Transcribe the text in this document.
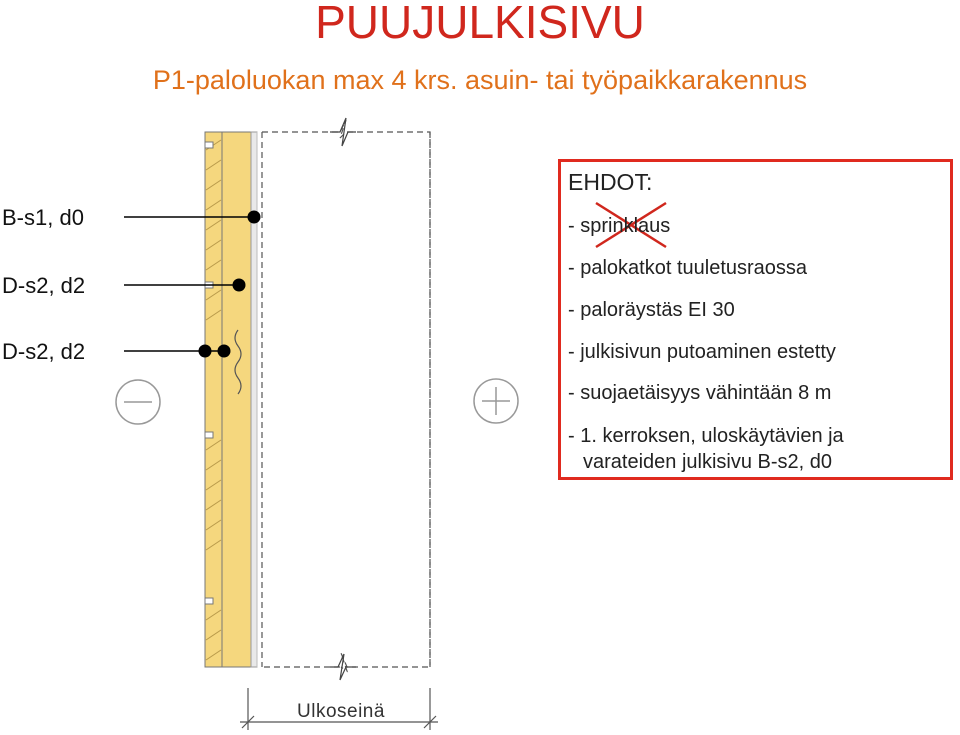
PUUJULKISIVU
P1-paloluokan max 4 krs. asuin- tai työpaikkarakennus
B-s1, d0
D-s2, d2
D-s2, d2
EHDOT:
- sprinklaus
- palokatkot tuuletusraossa
- paloräystäs EI 30
- julkisivun putoaminen estetty
- suojaetäisyys vähintään 8 m
- 1. kerroksen, uloskäytävien ja
varateiden julkisivu B-s2, d0
Ulkoseinä
